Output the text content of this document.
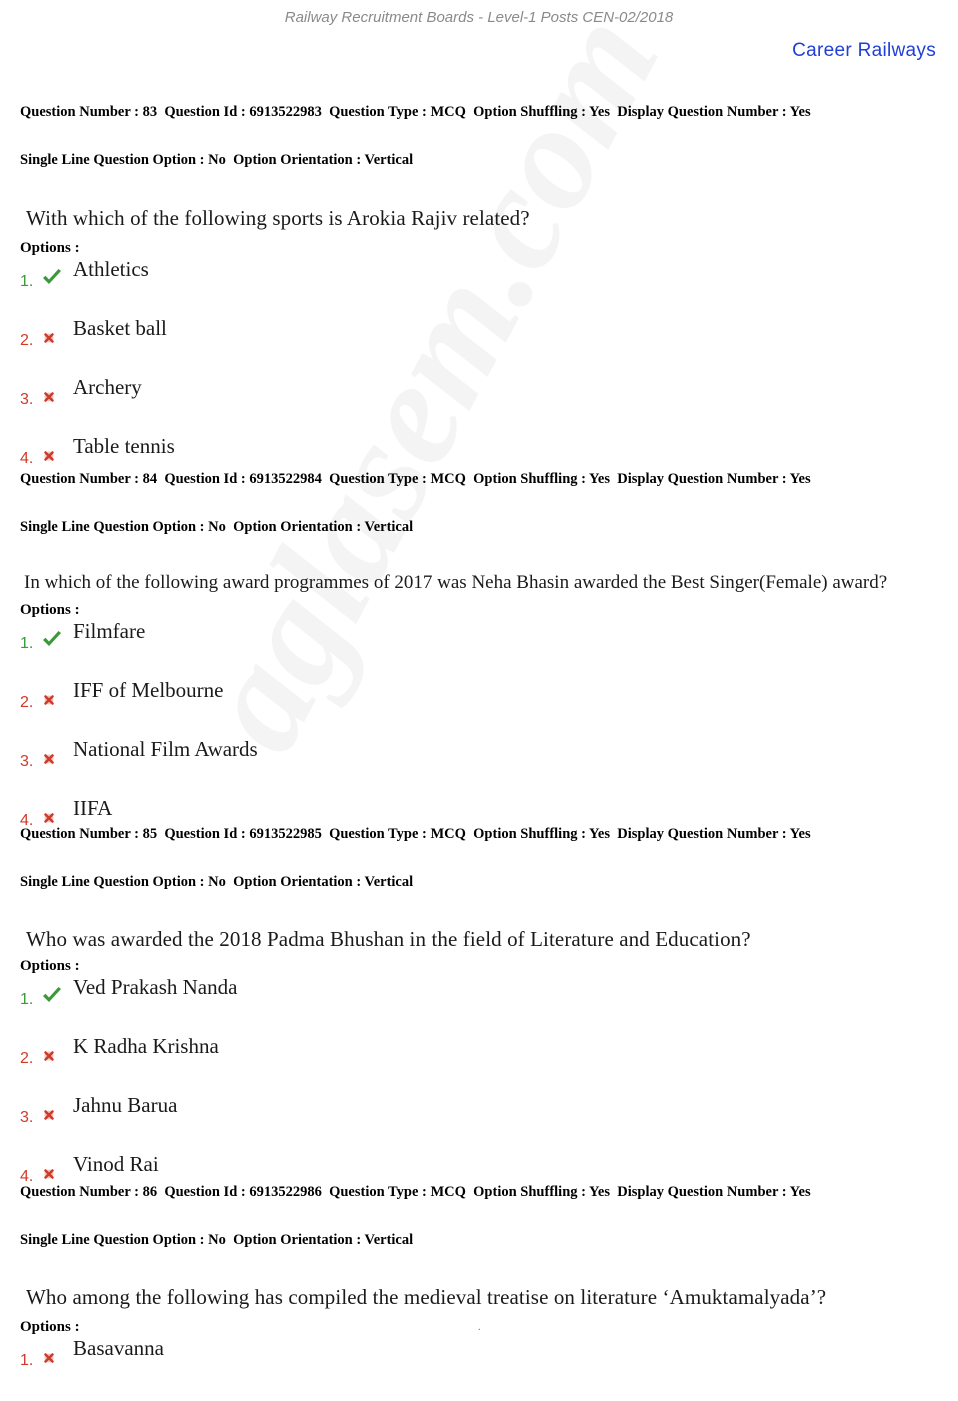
Railway Recruitment Boards - Level-1 Posts CEN-02/2018
Career Railways

Question Number : 83  Question Id : 6913522983  Question Type : MCQ  Option Shuffling : Yes  Display Question Number : Yes

Single Line Question Option : No  Option Orientation : Vertical

With which of the following sports is Arokia Rajiv related?
Options :
1.
Athletics
2.
Basket ball
3.
Archery
4.
Table tennis

Question Number : 84  Question Id : 6913522984  Question Type : MCQ  Option Shuffling : Yes  Display Question Number : Yes

Single Line Question Option : No  Option Orientation : Vertical

In which of the following award programmes of 2017 was Neha Bhasin awarded the Best Singer(Female) award?
Options :
1.
Filmfare
2.
IFF of Melbourne
3.
National Film Awards
4.
IIFA

Question Number : 85  Question Id : 6913522985  Question Type : MCQ  Option Shuffling : Yes  Display Question Number : Yes

Single Line Question Option : No  Option Orientation : Vertical

Who was awarded the 2018 Padma Bhushan in the field of Literature and Education?
Options :
1.
Ved Prakash Nanda
2.
K Radha Krishna
3.
Jahnu Barua
4.
Vinod Rai

Question Number : 86  Question Id : 6913522986  Question Type : MCQ  Option Shuffling : Yes  Display Question Number : Yes

Single Line Question Option : No  Option Orientation : Vertical

Who among the following has compiled the medieval treatise on literature ‘Amuktamalyada’?
Options :
1.
Basavanna
.
